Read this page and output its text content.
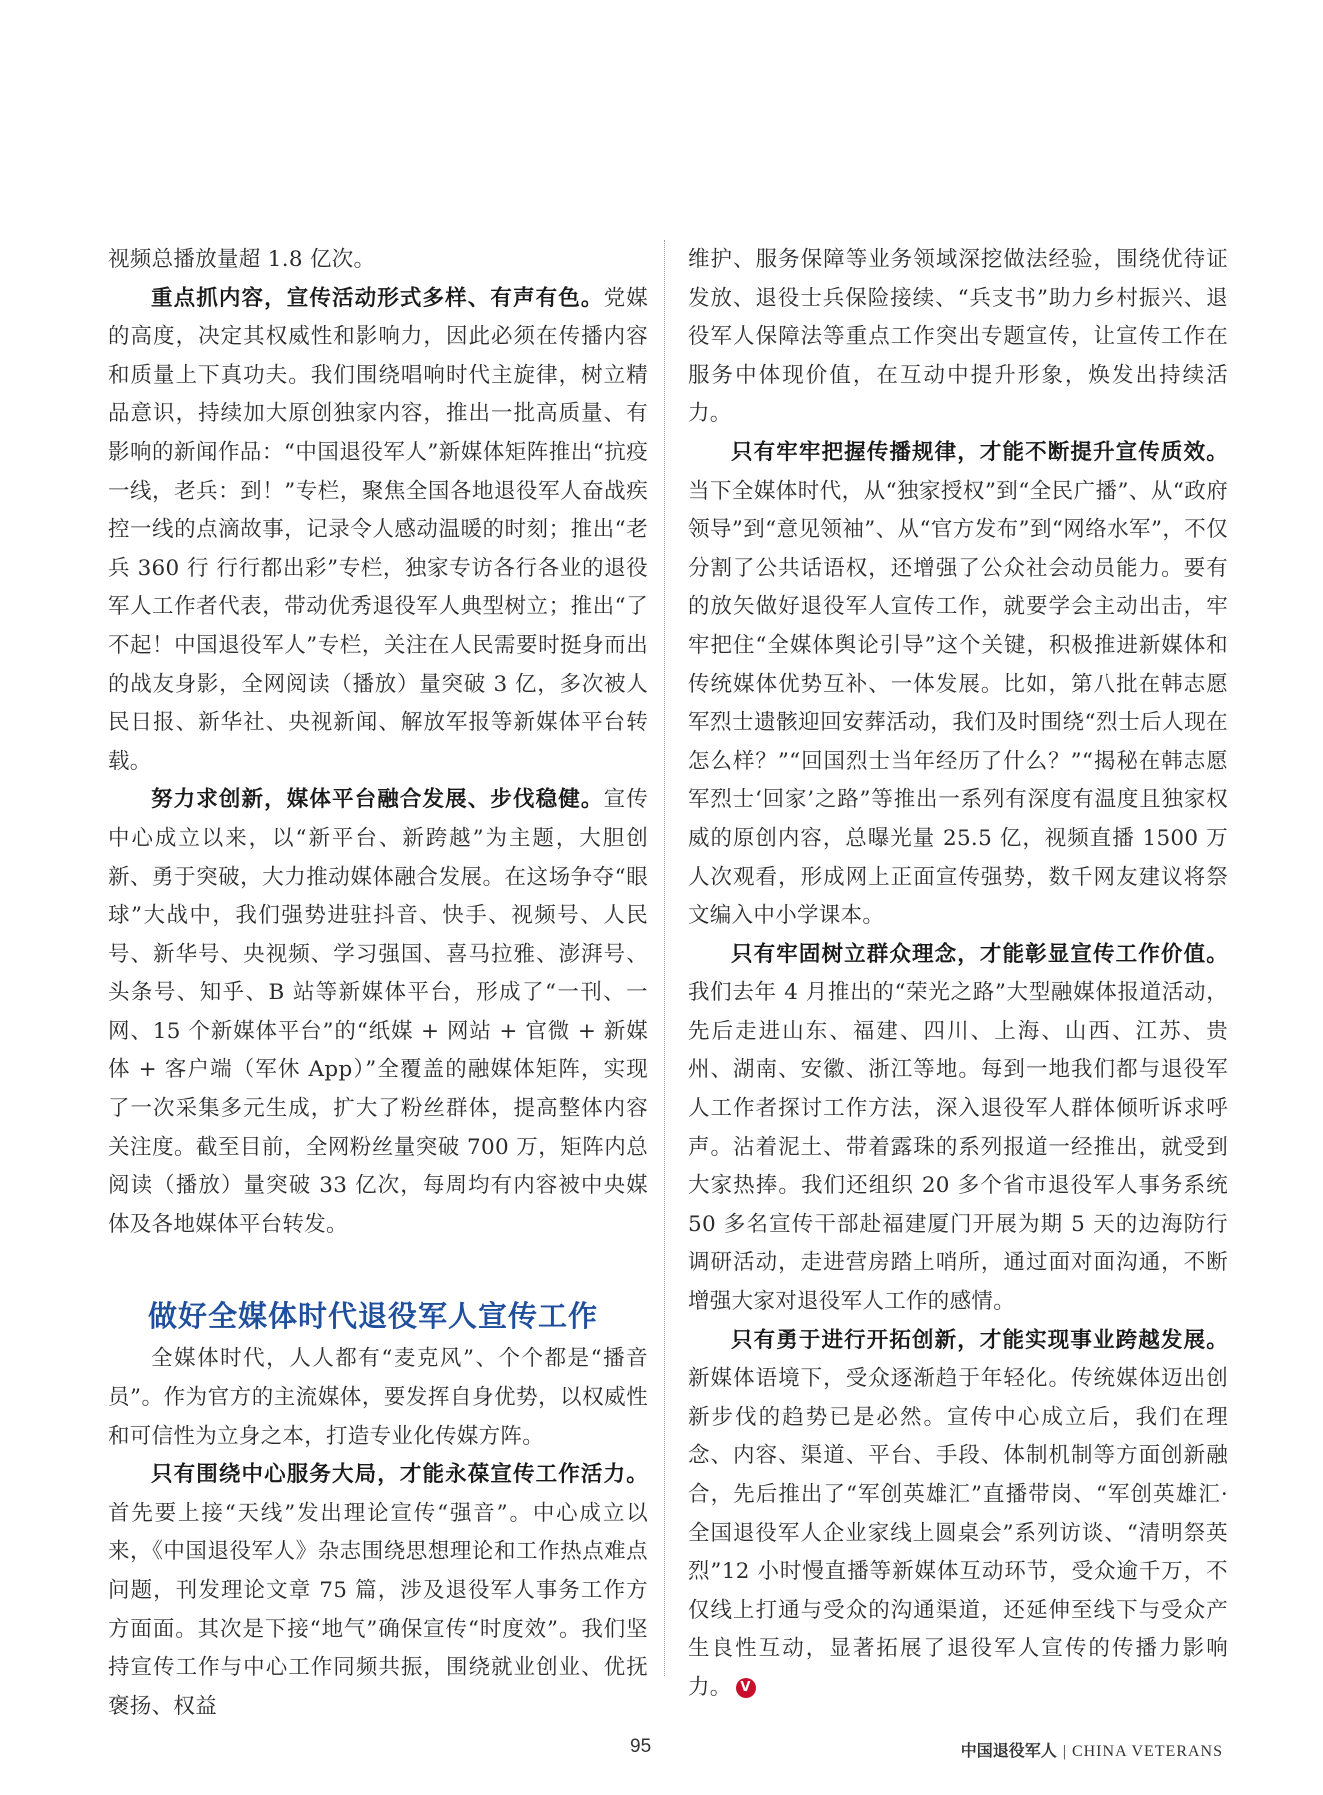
视频总播放量超 1.8 亿次。

重点抓内容，宣传活动形式多样、有声有色。党媒的高度，决定其权威性和影响力，因此必须在传播内容和质量上下真功夫。我们围绕唱响时代主旋律，树立精品意识，持续加大原创独家内容，推出一批高质量、有影响的新闻作品：“中国退役军人”新媒体矩阵推出“抗疫一线，老兵：到！”专栏，聚焦全国各地退役军人奋战疾控一线的点滴故事，记录令人感动温暖的时刻；推出“老兵 360 行 行行都出彩”专栏，独家专访各行各业的退役军人工作者代表，带动优秀退役军人典型树立；推出“了不起！中国退役军人”专栏，关注在人民需要时挺身而出的战友身影，全网阅读（播放）量突破 3 亿，多次被人民日报、新华社、央视新闻、解放军报等新媒体平台转载。

努力求创新，媒体平台融合发展、步伐稳健。宣传中心成立以来，以“新平台、新跨越”为主题，大胆创新、勇于突破，大力推动媒体融合发展。在这场争夺“眼球”大战中，我们强势进驻抖音、快手、视频号、人民号、新华号、央视频、学习强国、喜马拉雅、澎湃号、头条号、知乎、B 站等新媒体平台，形成了“一刊、一网、15 个新媒体平台”的“纸媒 + 网站 + 官微 + 新媒体 + 客户端（军休 App）”全覆盖的融媒体矩阵，实现了一次采集多元生成，扩大了粉丝群体，提高整体内容关注度。截至目前，全网粉丝量突破 700 万，矩阵内总阅读（播放）量突破 33 亿次，每周均有内容被中央媒体及各地媒体平台转发。

做好全媒体时代退役军人宣传工作

全媒体时代，人人都有“麦克风”、个个都是“播音员”。作为官方的主流媒体，要发挥自身优势，以权威性和可信性为立身之本，打造专业化传媒方阵。

只有围绕中心服务大局，才能永葆宣传工作活力。首先要上接“天线”发出理论宣传“强音”。中心成立以来，《中国退役军人》杂志围绕思想理论和工作热点难点问题，刊发理论文章 75 篇，涉及退役军人事务工作方方面面。其次是下接“地气”确保宣传“时度效”。我们坚持宣传工作与中心工作同频共振，围绕就业创业、优抚褒扬、权益

维护、服务保障等业务领域深挖做法经验，围绕优待证发放、退役士兵保险接续、“兵支书”助力乡村振兴、退役军人保障法等重点工作突出专题宣传，让宣传工作在服务中体现价值，在互动中提升形象，焕发出持续活力。

只有牢牢把握传播规律，才能不断提升宣传质效。当下全媒体时代，从“独家授权”到“全民广播”、从“政府领导”到“意见领袖”、从“官方发布”到“网络水军”，不仅分割了公共话语权，还增强了公众社会动员能力。要有的放矢做好退役军人宣传工作，就要学会主动出击，牢牢把住“全媒体舆论引导”这个关键，积极推进新媒体和传统媒体优势互补、一体发展。比如，第八批在韩志愿军烈士遗骸迎回安葬活动，我们及时围绕“烈士后人现在怎么样？”“回国烈士当年经历了什么？”“揭秘在韩志愿军烈士‘回家’之路”等推出一系列有深度有温度且独家权威的原创内容，总曝光量 25.5 亿，视频直播 1500 万人次观看，形成网上正面宣传强势，数千网友建议将祭文编入中小学课本。

只有牢固树立群众理念，才能彰显宣传工作价值。我们去年 4 月推出的“荣光之路”大型融媒体报道活动，先后走进山东、福建、四川、上海、山西、江苏、贵州、湖南、安徽、浙江等地。每到一地我们都与退役军人工作者探讨工作方法，深入退役军人群体倾听诉求呼声。沾着泥土、带着露珠的系列报道一经推出，就受到大家热捧。我们还组织 20 多个省市退役军人事务系统 50 多名宣传干部赴福建厦门开展为期 5 天的边海防行调研活动，走进营房踏上哨所，通过面对面沟通，不断增强大家对退役军人工作的感情。

只有勇于进行开拓创新，才能实现事业跨越发展。新媒体语境下，受众逐渐趋于年轻化。传统媒体迈出创新步伐的趋势已是必然。宣传中心成立后，我们在理念、内容、渠道、平台、手段、体制机制等方面创新融合，先后推出了“军创英雄汇”直播带岗、“军创英雄汇·全国退役军人企业家线上圆桌会”系列访谈、“清明祭英烈”12 小时慢直播等新媒体互动环节，受众逾千万，不仅线上打通与受众的沟通渠道，还延伸至线下与受众产生良性互动，显著拓展了退役军人宣传的传播力影响力。 V

95	中国退役军人 | CHINA VETERANS
